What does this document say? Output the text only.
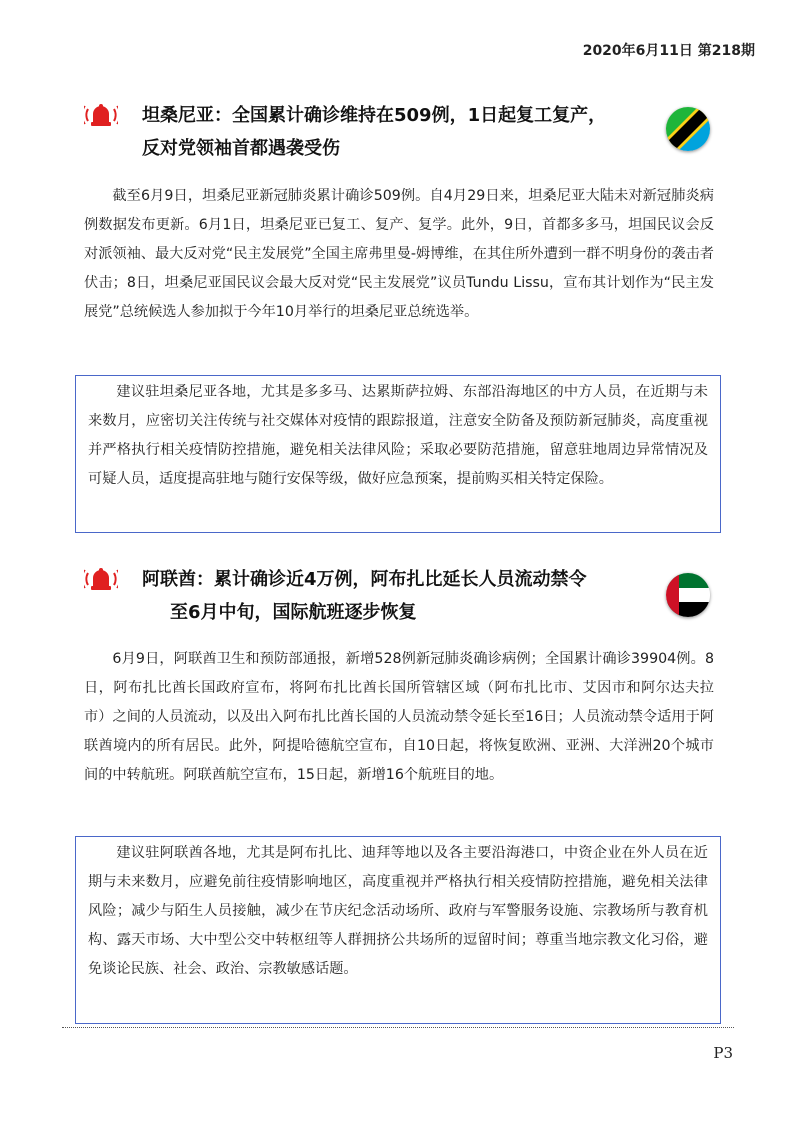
2020年6月11日 第218期
坦桑尼亚：全国累计确诊维持在509例，1日起复工复产，
反对党领袖首都遇袭受伤

截至6月9日，坦桑尼亚新冠肺炎累计确诊509例。自4月29日来，坦桑尼亚大陆未对新冠肺炎病例数据发布更新。6月1日，坦桑尼亚已复工、复产、复学。此外，9日，首都多多马，坦国民议会反对派领袖、最大反对党“民主发展党”全国主席弗里曼-姆博维，在其住所外遭到一群不明身份的袭击者伏击；8日，坦桑尼亚国民议会最大反对党“民主发展党”议员Tundu Lissu，宣布其计划作为“民主发展党”总统候选人参加拟于今年10月举行的坦桑尼亚总统选举。

建议驻坦桑尼亚各地，尤其是多多马、达累斯萨拉姆、东部沿海地区的中方人员，在近期与未来数月，应密切关注传统与社交媒体对疫情的跟踪报道，注意安全防备及预防新冠肺炎，高度重视并严格执行相关疫情防控措施，避免相关法律风险；采取必要防范措施，留意驻地周边异常情况及可疑人员，适度提高驻地与随行安保等级，做好应急预案，提前购买相关特定保险。

阿联酋：累计确诊近4万例，阿布扎比延长人员流动禁令
至6月中旬，国际航班逐步恢复

6月9日，阿联酋卫生和预防部通报，新增528例新冠肺炎确诊病例；全国累计确诊39904例。8日，阿布扎比酋长国政府宣布，将阿布扎比酋长国所管辖区域（阿布扎比市、艾因市和阿尔达夫拉市）之间的人员流动，以及出入阿布扎比酋长国的人员流动禁令延长至16日；人员流动禁令适用于阿联酋境内的所有居民。此外，阿提哈德航空宣布，自10日起，将恢复欧洲、亚洲、大洋洲20个城市间的中转航班。阿联酋航空宣布，15日起，新增16个航班目的地。

建议驻阿联酋各地，尤其是阿布扎比、迪拜等地以及各主要沿海港口，中资企业在外人员在近期与未来数月，应避免前往疫情影响地区，高度重视并严格执行相关疫情防控措施，避免相关法律风险；减少与陌生人员接触，减少在节庆纪念活动场所、政府与军警服务设施、宗教场所与教育机构、露天市场、大中型公交中转枢纽等人群拥挤公共场所的逗留时间；尊重当地宗教文化习俗，避免谈论民族、社会、政治、宗教敏感话题。

P3
